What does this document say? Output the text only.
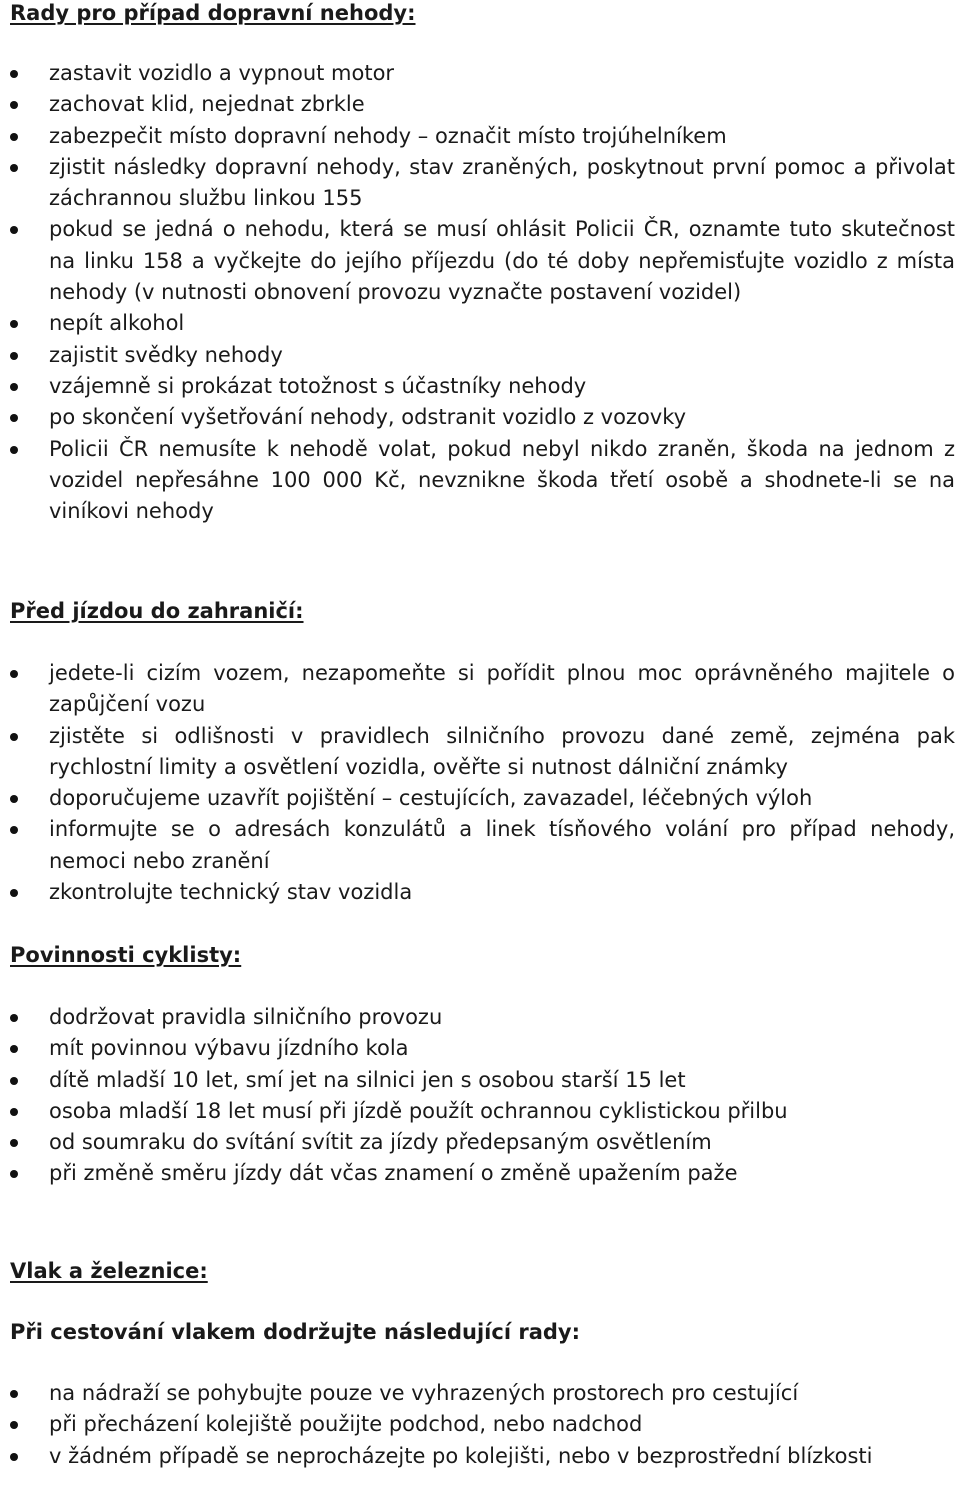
Rady pro případ dopravní nehody:
zastavit vozidlo a vypnout motor
zachovat klid, nejednat zbrkle
zabezpečit místo dopravní nehody – označit místo trojúhelníkem
zjistit následky dopravní nehody, stav zraněných, poskytnout první pomoc a přivolat záchrannou službu linkou 155
pokud se jedná o nehodu, která se musí ohlásit Policii ČR, oznamte tuto skutečnost na linku 158 a vyčkejte do jejího příjezdu (do té doby nepřemisťujte vozidlo z místa nehody (v nutnosti obnovení provozu vyznačte postavení vozidel)
nepít alkohol
zajistit svědky nehody
vzájemně si prokázat totožnost s účastníky nehody
po skončení vyšetřování nehody, odstranit vozidlo z vozovky
Policii ČR nemusíte k nehodě volat, pokud nebyl nikdo zraněn, škoda na jednom z vozidel nepřesáhne 100 000 Kč, nevznikne škoda třetí osobě a shodnete-li se na viníkovi nehody
Před jízdou do zahraničí:
jedete-li cizím vozem, nezapomeňte si pořídit plnou moc oprávněného majitele o zapůjčení vozu
zjistěte si odlišnosti v pravidlech silničního provozu dané země, zejména pak rychlostní limity a osvětlení vozidla, ověřte si nutnost dálniční známky
doporučujeme uzavřít pojištění – cestujících, zavazadel, léčebných výloh
informujte se o adresách konzulátů a linek tísňového volání pro případ nehody, nemoci nebo zranění
zkontrolujte technický stav vozidla
Povinnosti cyklisty:
dodržovat pravidla silničního provozu
mít povinnou výbavu jízdního kola
dítě mladší 10 let, smí jet na silnici jen s osobou starší 15 let
osoba mladší 18 let musí při jízdě použít ochrannou cyklistickou přilbu
od soumraku do svítání svítit za jízdy předepsaným osvětlením
při změně směru jízdy dát včas znamení o změně upažením paže
Vlak a železnice:
Při cestování vlakem dodržujte následující rady:
na nádraží se pohybujte pouze ve vyhrazených prostorech pro cestující
při přecházení kolejiště použijte podchod, nebo nadchod
v žádném případě se neprocházejte po kolejišti, nebo v bezprostřední blízkosti
